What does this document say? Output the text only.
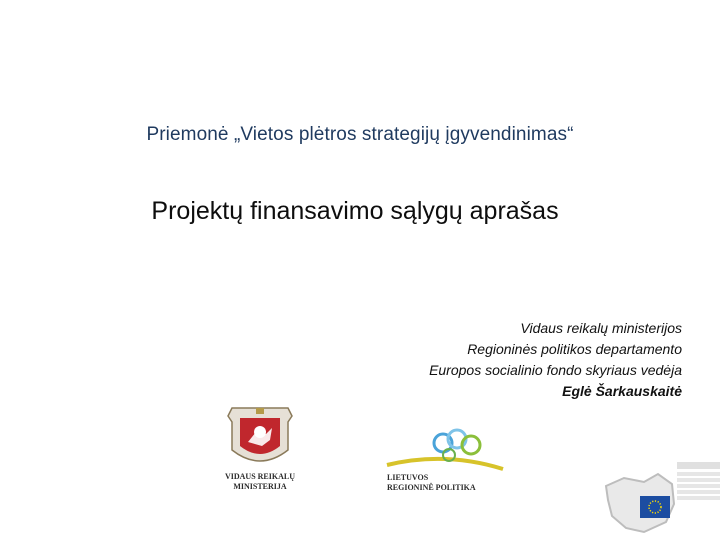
Priemonė „Vietos plėtros strategijų įgyvendinimas“
Projektų finansavimo sąlygų aprašas
Vidaus reikalų ministerijos
Regioninės politikos departamento
Europos socialinio fondo skyriaus vedėja
Eglė Šarkauskaitė
VIDAUS REIKALŲ
MINISTERIJA
LIETUVOS
REGIONINĖ POLITIKA
